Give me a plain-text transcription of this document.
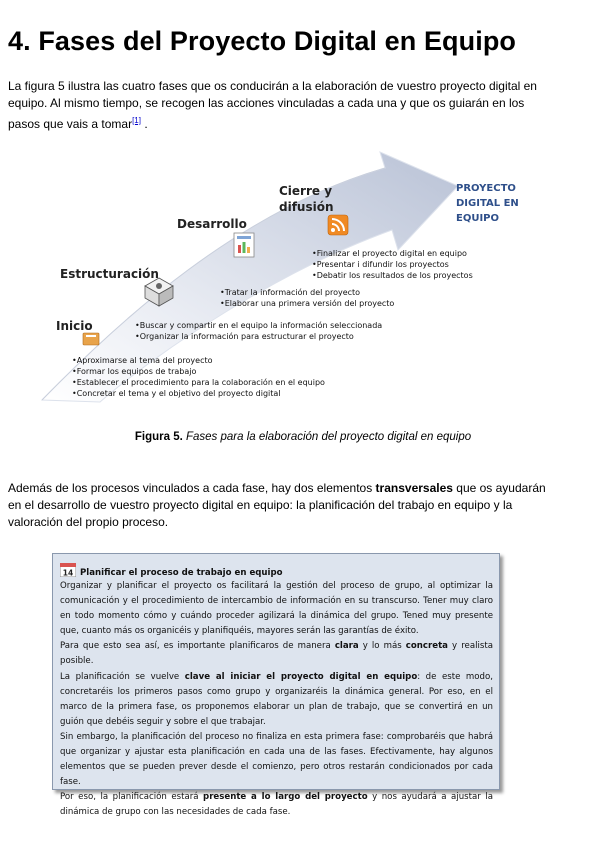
4. Fases del Proyecto Digital en Equipo
La figura 5 ilustra las cuatro fases que os conducirán a la elaboración de vuestro proyecto digital en equipo. Al mismo tiempo, se recogen las acciones vinculadas a cada una y que os guiarán en los pasos que vais a tomar[1] .
PROYECTO
DIGITAL EN
EQUIPO
Cierre y
difusión
Desarrollo
Estructuración
Inicio
•Finalizar el proyecto digital en equipo
•Presentar i difundir los proyectos
•Debatir los resultados de los proyectos
•Tratar la información del proyecto
•Elaborar una primera versión del proyecto
•Buscar y compartir en el equipo la información seleccionada
•Organizar la información para estructurar el proyecto
•Aproximarse al tema del proyecto
•Formar los equipos de trabajo
•Establecer el procedimiento para la colaboración en el equipo
•Concretar el tema y el objetivo del proyecto digital
Figura 5. Fases para la elaboración del proyecto digital en equipo
Además de los procesos vinculados a cada fase, hay dos elementos transversales que os ayudarán en el desarrollo de vuestro proyecto digital en equipo: la planificación del trabajo en equipo y la valoración del propio proceso.
14 Planificar el proceso de trabajo en equipo

Organizar y planificar el proyecto os facilitará la gestión del proceso de grupo, al optimizar la comunicación y el procedimiento de intercambio de información en su transcurso. Tener muy claro en todo momento cómo y cuándo proceder agilizará la dinámica del grupo. Tened muy presente que, cuanto más os organicéis y planifiquéis, mayores serán las garantías de éxito.

Para que esto sea así, es importante planificaros de manera clara y lo más concreta y realista posible.

La planificación se vuelve clave al iniciar el proyecto digital en equipo: de este modo, concretaréis los primeros pasos como grupo y organizaréis la dinámica general. Por eso, en el marco de la primera fase, os proponemos elaborar un plan de trabajo, que se convertirá en un guión que debéis seguir y sobre el que trabajar.

Sin embargo, la planificación del proceso no finaliza en esta primera fase: comprobaréis que habrá que organizar y ajustar esta planificación en cada una de las fases. Efectivamente, hay algunos elementos que se pueden prever desde el comienzo, pero otros restarán condicionados por cada fase.

Por eso, la planificación estará presente a lo largo del proyecto y nos ayudará a ajustar la dinámica de grupo con las necesidades de cada fase.
